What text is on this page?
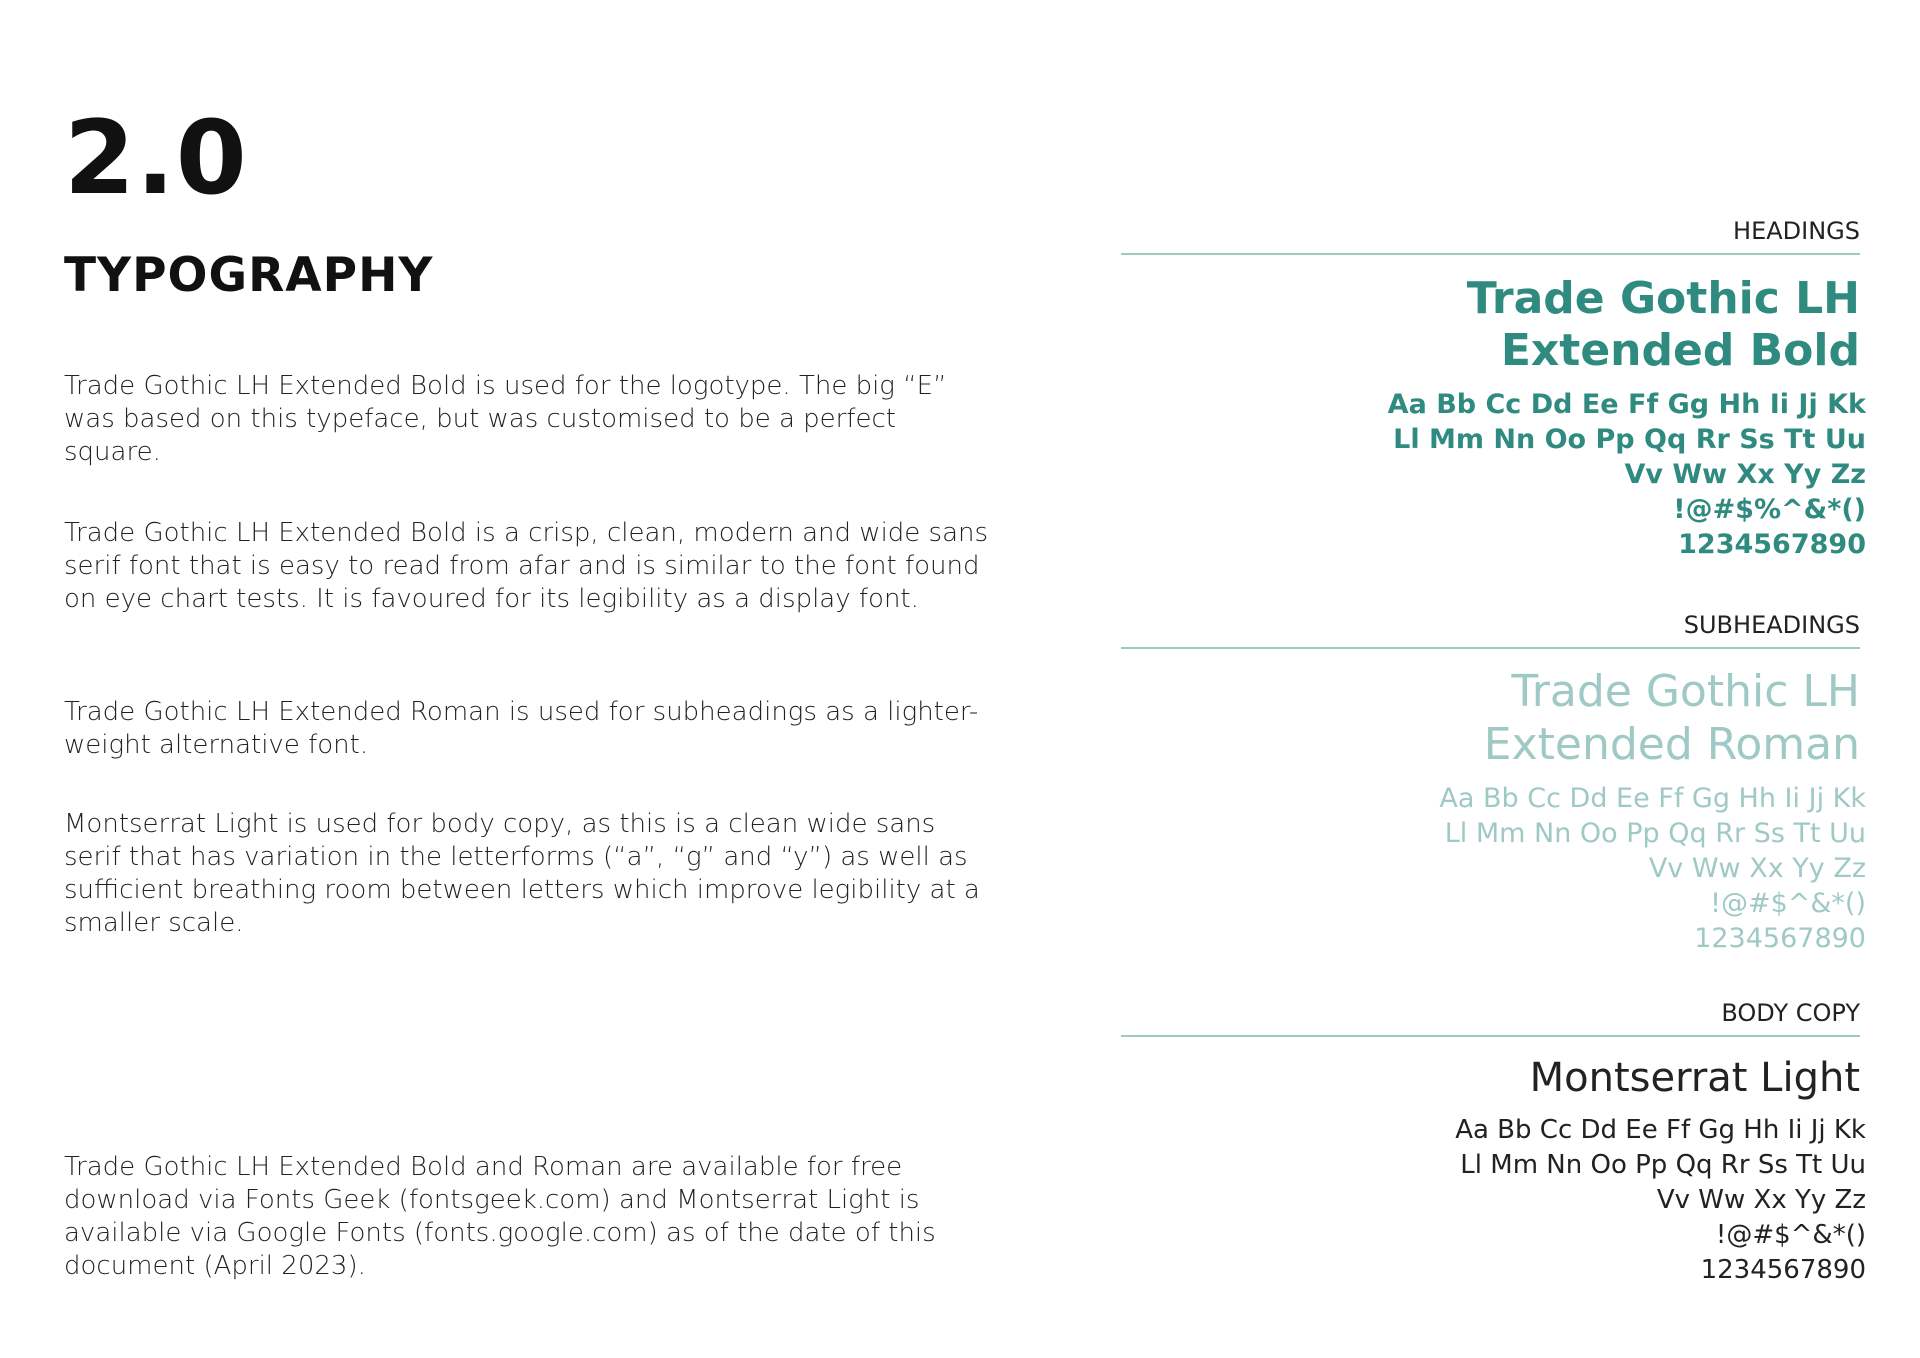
2.0
TYPOGRAPHY

Trade Gothic LH Extended Bold is used for the logotype. The big “E” was based on this typeface, but was customised to be a perfect square.

Trade Gothic LH Extended Bold is a crisp, clean, modern and wide sans serif font that is easy to read from afar and is similar to the font found on eye chart tests. It is favoured for its legibility as a display font.

Trade Gothic LH Extended Roman is used for subheadings as a lighter-weight alternative font.

Montserrat Light is used for body copy, as this is a clean wide sans serif that has variation in the letterforms (“a”, “g” and “y”) as well as sufficient breathing room between letters which improve legibility at a smaller scale.

Trade Gothic LH Extended Bold and Roman are available for free download via Fonts Geek (fontsgeek.com) and Montserrat Light is available via Google Fonts (fonts.google.com) as of the date of this document (April 2023).

HEADINGS
Trade Gothic LH
Extended Bold
Aa Bb Cc Dd Ee Ff Gg Hh Ii Jj Kk
Ll Mm Nn Oo Pp Qq Rr Ss Tt Uu
Vv Ww Xx Yy Zz
!@#$%^&*()
1234567890
SUBHEADINGS
Trade Gothic LH
Extended Roman
Aa Bb Cc Dd Ee Ff Gg Hh Ii Jj Kk
Ll Mm Nn Oo Pp Qq Rr Ss Tt Uu
Vv Ww Xx Yy Zz
!@#$^&*()
1234567890
BODY COPY
Montserrat Light
Aa Bb Cc Dd Ee Ff Gg Hh Ii Jj Kk
Ll Mm Nn Oo Pp Qq Rr Ss Tt Uu
Vv Ww Xx Yy Zz
!@#$^&*()
1234567890
